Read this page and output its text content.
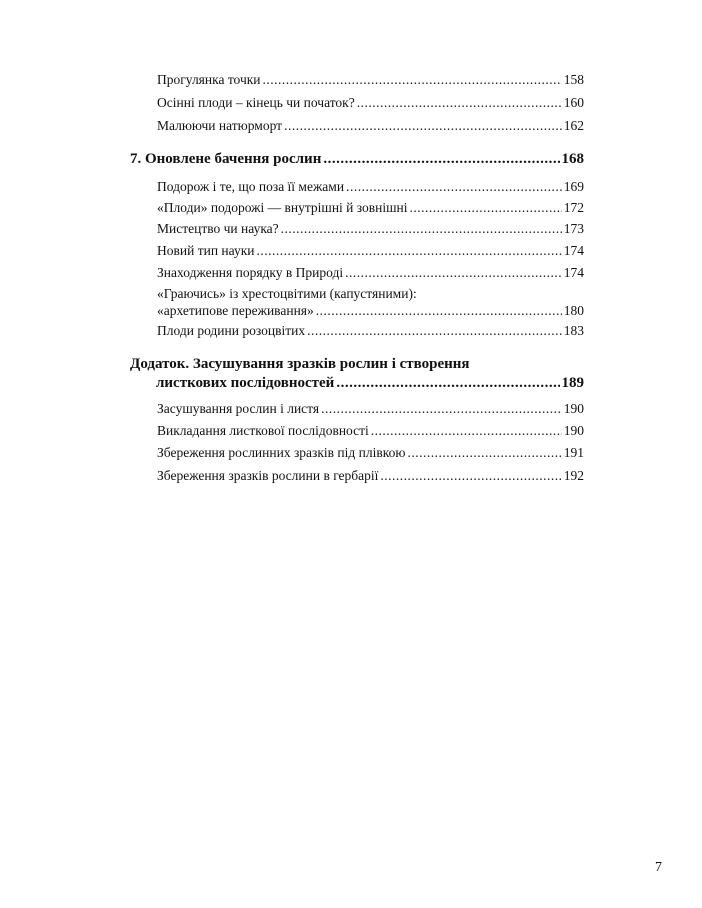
Прогулянка точки .....	158
Осінні плоди – кінець чи початок? .....	160
Малюючи натюрморт .....	162
7. Оновлене бачення рослин .....	168
Подорож і те, що поза її межами .....	169
«Плоди» подорожі — внутрішні й зовнішні .....	172
Мистецтво чи наука? .....	173
Новий тип науки .....	174
Знаходження порядку в Природі .....	174
«Граючись» із хрестоцвітими (капустяними):
«архетипове переживання» .....	180
Плоди родини розоцвітих .....	183
Додаток. Засушування зразків рослин і створення
листкових послідовностей .....	189
Засушування рослин і листя .....	190
Викладання листкової послідовності .....	190
Збереження рослинних зразків під плівкою .....	191
Збереження зразків рослини в гербарії .....	192
7
